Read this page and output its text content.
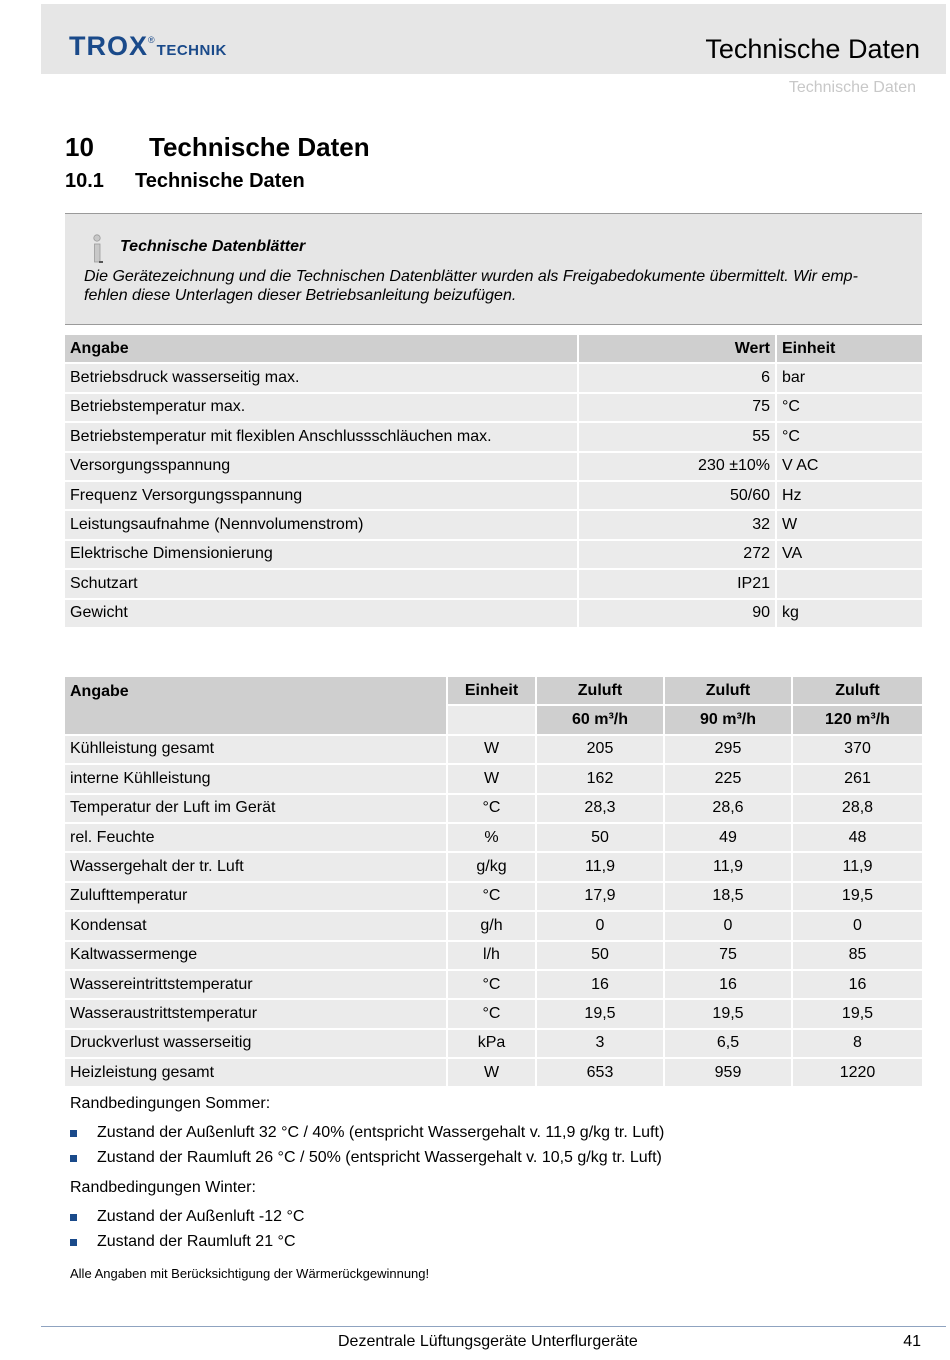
TROX ®
TECHNIK	Technische Daten
Technische Daten
10 Technische Daten
10.1 Technische Daten
Technische Datenblätter
Die Gerätezeichnung und die Technischen Datenblätter wurden als Freigabedokumente übermittelt. Wir emp-
fehlen diese Unterlagen dieser Betriebsanleitung beizufügen.
Angabe	Wert	Einheit
Betriebsdruck wasserseitig max.	6	bar
Betriebstemperatur max.	75	°C
Betriebstemperatur mit flexiblen Anschlussschläuchen max.	55	°C
Versorgungsspannung	230 ±10%	V AC
Frequenz Versorgungsspannung	50/60	Hz
Leistungsaufnahme (Nennvolumenstrom)	32	W
Elektrische Dimensionierung	272	VA
Schutzart	IP21	
Gewicht	90	kg
Angabe	Einheit	Zuluft	Zuluft	Zuluft
		60 m³/h	90 m³/h	120 m³/h
Kühlleistung gesamt	W	205	295	370
interne Kühlleistung	W	162	225	261
Temperatur der Luft im Gerät	°C	28,3	28,6	28,8
rel. Feuchte	%	50	49	48
Wassergehalt der tr. Luft	g/kg	11,9	11,9	11,9
Zulufttemperatur	°C	17,9	18,5	19,5
Kondensat	g/h	0	0	0
Kaltwassermenge	l/h	50	75	85
Wassereintrittstemperatur	°C	16	16	16
Wasseraustrittstemperatur	°C	19,5	19,5	19,5
Druckverlust wasserseitig	kPa	3	6,5	8
Heizleistung gesamt	W	653	959	1220
Randbedingungen Sommer:
Zustand der Außenluft 32 °C / 40% (entspricht Wassergehalt v. 11,9 g/kg tr. Luft)
Zustand der Raumluft 26 °C / 50% (entspricht Wassergehalt v. 10,5 g/kg tr. Luft)
Randbedingungen Winter:
Zustand der Außenluft -12 °C
Zustand der Raumluft 21 °C
Alle Angaben mit Berücksichtigung der Wärmerückgewinnung!
Dezentrale Lüftungsgeräte Unterflurgeräte	41
